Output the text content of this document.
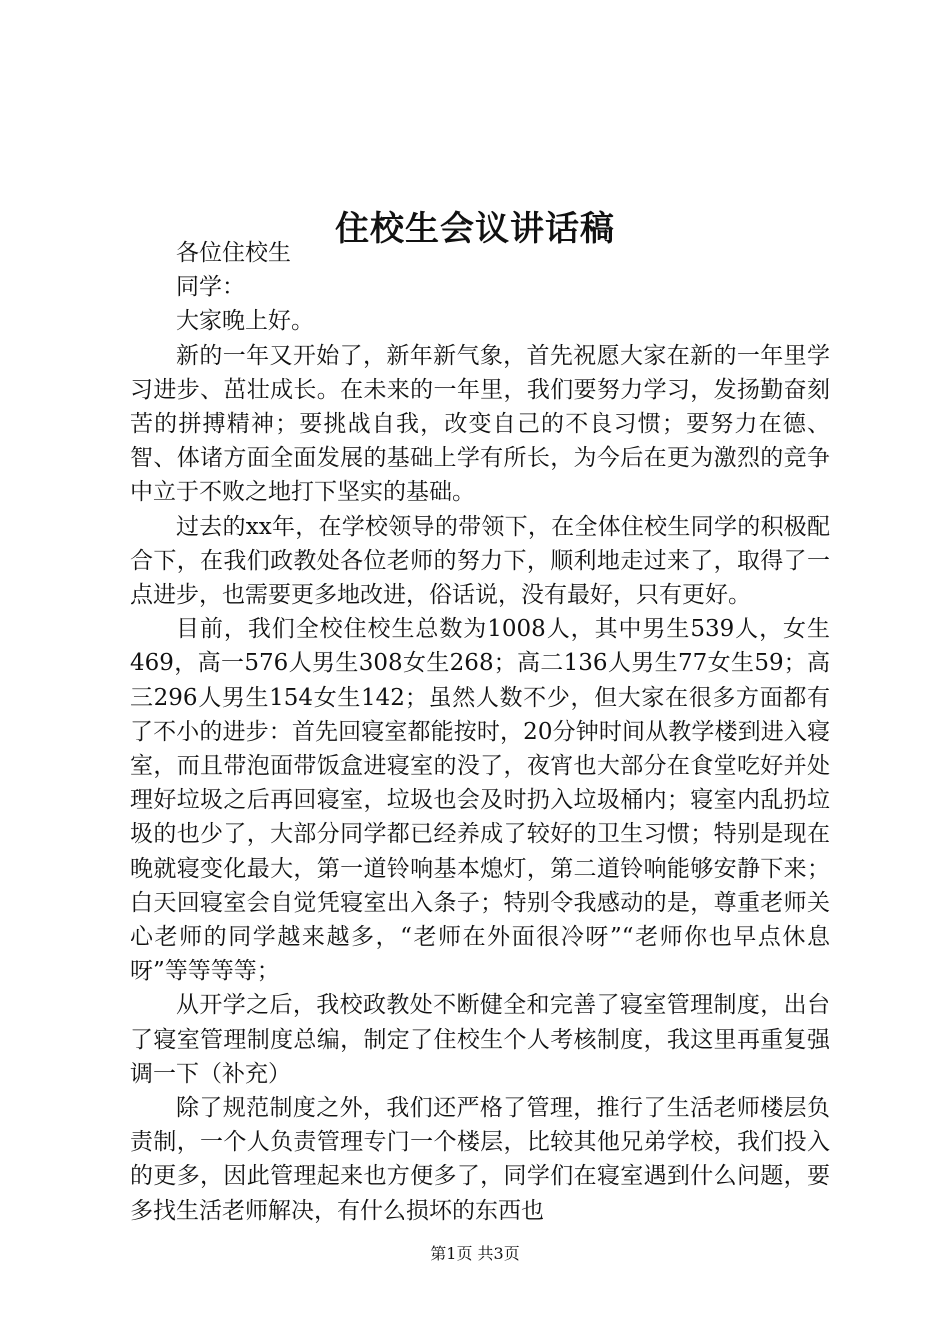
住校生会议讲话稿

各位住校生

同学：

大家晚上好。

新的一年又开始了，新年新气象，首先祝愿大家在新的一年里学习进步、茁壮成长。在未来的一年里，我们要努力学习，发扬勤奋刻苦的拼搏精神；要挑战自我，改变自己的不良习惯；要努力在德、智、体诸方面全面发展的基础上学有所长，为今后在更为激烈的竞争中立于不败之地打下坚实的基础。

过去的xx年，在学校领导的带领下，在全体住校生同学的积极配合下，在我们政教处各位老师的努力下，顺利地走过来了，取得了一点进步，也需要更多地改进，俗话说，没有最好，只有更好。

目前，我们全校住校生总数为1008人，其中男生539人，女生469，高一576人男生308女生268；高二136人男生77女生59；高三296人男生154女生142；虽然人数不少，但大家在很多方面都有了不小的进步：首先回寝室都能按时，20分钟时间从教学楼到进入寝室，而且带泡面带饭盒进寝室的没了，夜宵也大部分在食堂吃好并处理好垃圾之后再回寝室，垃圾也会及时扔入垃圾桶内；寝室内乱扔垃圾的也少了，大部分同学都已经养成了较好的卫生习惯；特别是现在晚就寝变化最大，第一道铃响基本熄灯，第二道铃响能够安静下来；白天回寝室会自觉凭寝室出入条子；特别令我感动的是，尊重老师关心老师的同学越来越多，“老师在外面很冷呀”“老师你也早点休息呀”等等等等；

从开学之后，我校政教处不断健全和完善了寝室管理制度，出台了寝室管理制度总编，制定了住校生个人考核制度，我这里再重复强调一下（补充）

除了规范制度之外，我们还严格了管理，推行了生活老师楼层负责制，一个人负责管理专门一个楼层，比较其他兄弟学校，我们投入的更多，因此管理起来也方便多了，同学们在寝室遇到什么问题，要多找生活老师解决，有什么损坏的东西也

第1页 共3页
